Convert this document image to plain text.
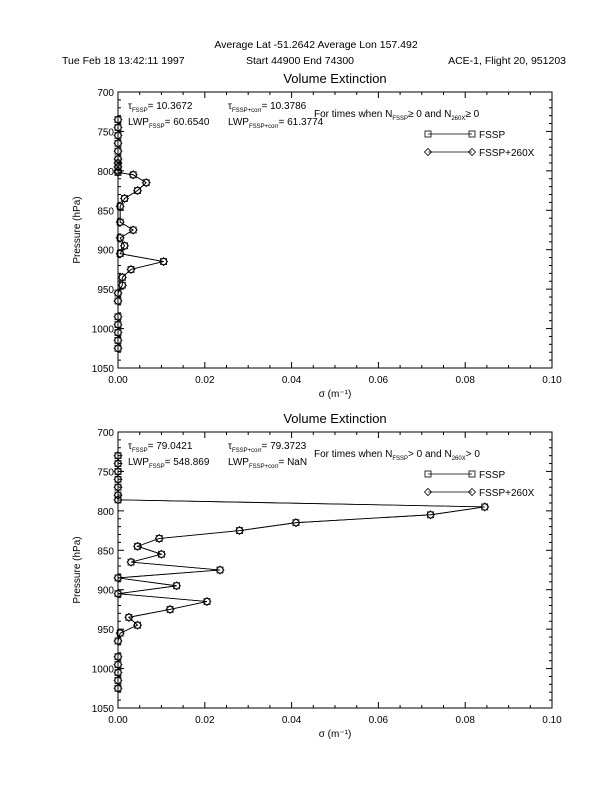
Average Lat -51.2642 Average Lon 157.492
Tue Feb 18 13:42:11 1997	Start 44900 End 74300	ACE-1, Flight 20, 951203
Volume Extinction
0.00	0.02	0.04	0.06	0.08	0.10
700
750
800
850
900
950
1000
1050
σ (m⁻¹)
Pressure (hPa)
$\tau_{FSSP}= 10.3672$	$\tau_{FSSP+corr}= 10.3786$
$LWP_{FSSP}= 60.6540$ $LWP_{FSSP+corr}= 61.3774$
For times when $N_{FSSP}\ge 0$ and $N_{260X}\ge 0$
FSSP
FSSP+260X
Volume Extinction
0.00	0.02	0.04	0.06	0.08	0.10
700
750
800
850
900
950
1000
1050
σ (m⁻¹)
Pressure (hPa)
$\tau_{FSSP}= 79.0421$	$\tau_{FSSP+corr}= 79.3723$
$LWP_{FSSP}= 548.869$ $LWP_{FSSP+corr}=$ NaN
For times when $N_{FSSP}> 0$ and $N_{260X}> 0$
FSSP
FSSP+260X
